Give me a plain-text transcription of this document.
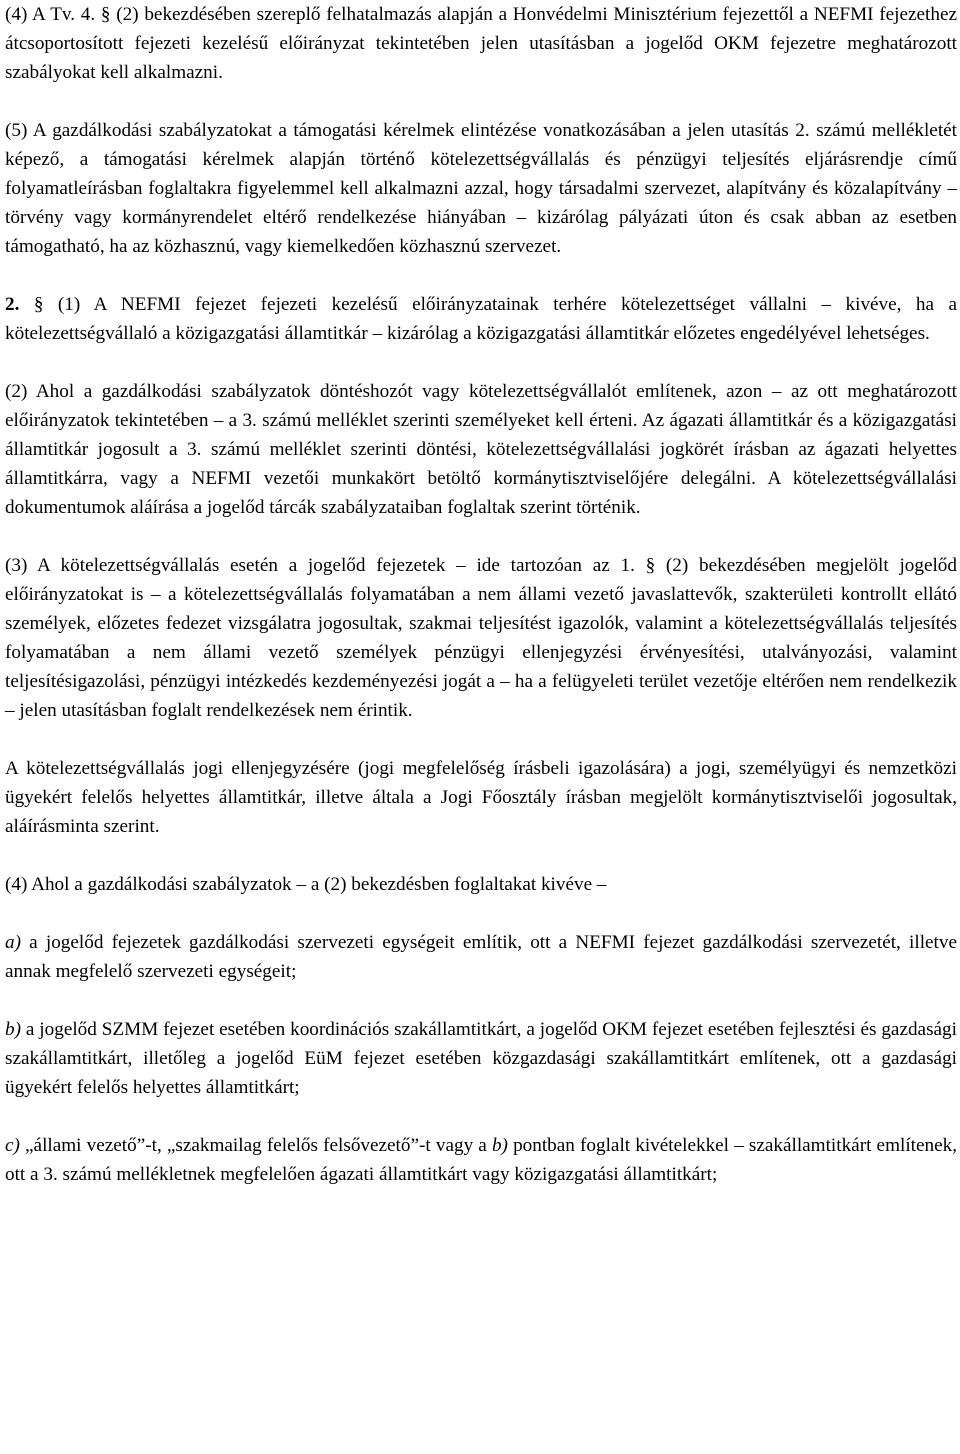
(4) A Tv. 4. § (2) bekezdésében szereplő felhatalmazás alapján a Honvédelmi Minisztérium fejezettől a NEFMI fejezethez átcsoportosított fejezeti kezelésű előirányzat tekintetében jelen utasításban a jogelőd OKM fejezetre meghatározott szabályokat kell alkalmazni.

(5) A gazdálkodási szabályzatokat a támogatási kérelmek elintézése vonatkozásában a jelen utasítás 2. számú mellékletét képező, a támogatási kérelmek alapján történő kötelezettségvállalás és pénzügyi teljesítés eljárásrendje című folyamatleírásban foglaltakra figyelemmel kell alkalmazni azzal, hogy társadalmi szervezet, alapítvány és közalapítvány – törvény vagy kormányrendelet eltérő rendelkezése hiányában – kizárólag pályázati úton és csak abban az esetben támogatható, ha az közhasznú, vagy kiemelkedően közhasznú szervezet.

2. § (1) A NEFMI fejezet fejezeti kezelésű előirányzatainak terhére kötelezettséget vállalni – kivéve, ha a kötelezettségvállaló a közigazgatási államtitkár – kizárólag a közigazgatási államtitkár előzetes engedélyével lehetséges.

(2) Ahol a gazdálkodási szabályzatok döntéshozót vagy kötelezettségvállalót említenek, azon – az ott meghatározott előirányzatok tekintetében – a 3. számú melléklet szerinti személyeket kell érteni. Az ágazati államtitkár és a közigazgatási államtitkár jogosult a 3. számú melléklet szerinti döntési, kötelezettségvállalási jogkörét írásban az ágazati helyettes államtitkárra, vagy a NEFMI vezetői munkakört betöltő kormánytisztviselőjére delegálni. A kötelezettségvállalási dokumentumok aláírása a jogelőd tárcák szabályzataiban foglaltak szerint történik.

(3) A kötelezettségvállalás esetén a jogelőd fejezetek – ide tartozóan az 1. § (2) bekezdésében megjelölt jogelőd előirányzatokat is – a kötelezettségvállalás folyamatában a nem állami vezető javaslattevők, szakterületi kontrollt ellátó személyek, előzetes fedezet vizsgálatra jogosultak, szakmai teljesítést igazolók, valamint a kötelezettségvállalás teljesítés folyamatában a nem állami vezető személyek pénzügyi ellenjegyzési érvényesítési, utalványozási, valamint teljesítésigazolási, pénzügyi intézkedés kezdeményezési jogát a – ha a felügyeleti terület vezetője eltérően nem rendelkezik – jelen utasításban foglalt rendelkezések nem érintik.

A kötelezettségvállalás jogi ellenjegyzésére (jogi megfelelőség írásbeli igazolására) a jogi, személyügyi és nemzetközi ügyekért felelős helyettes államtitkár, illetve általa a Jogi Főosztály írásban megjelölt kormánytisztviselői jogosultak, aláírásminta szerint.

(4) Ahol a gazdálkodási szabályzatok – a (2) bekezdésben foglaltakat kivéve –

a) a jogelőd fejezetek gazdálkodási szervezeti egységeit említik, ott a NEFMI fejezet gazdálkodási szervezetét, illetve annak megfelelő szervezeti egységeit;

b) a jogelőd SZMM fejezet esetében koordinációs szakállamtitkárt, a jogelőd OKM fejezet esetében fejlesztési és gazdasági szakállamtitkárt, illetőleg a jogelőd EüM fejezet esetében közgazdasági szakállamtitkárt említenek, ott a gazdasági ügyekért felelős helyettes államtitkárt;

c) „állami vezető”-t, „szakmailag felelős felsővezető”-t vagy a b) pontban foglalt kivételekkel – szakállamtitkárt említenek, ott a 3. számú mellékletnek megfelelően ágazati államtitkárt vagy közigazgatási államtitkárt;
